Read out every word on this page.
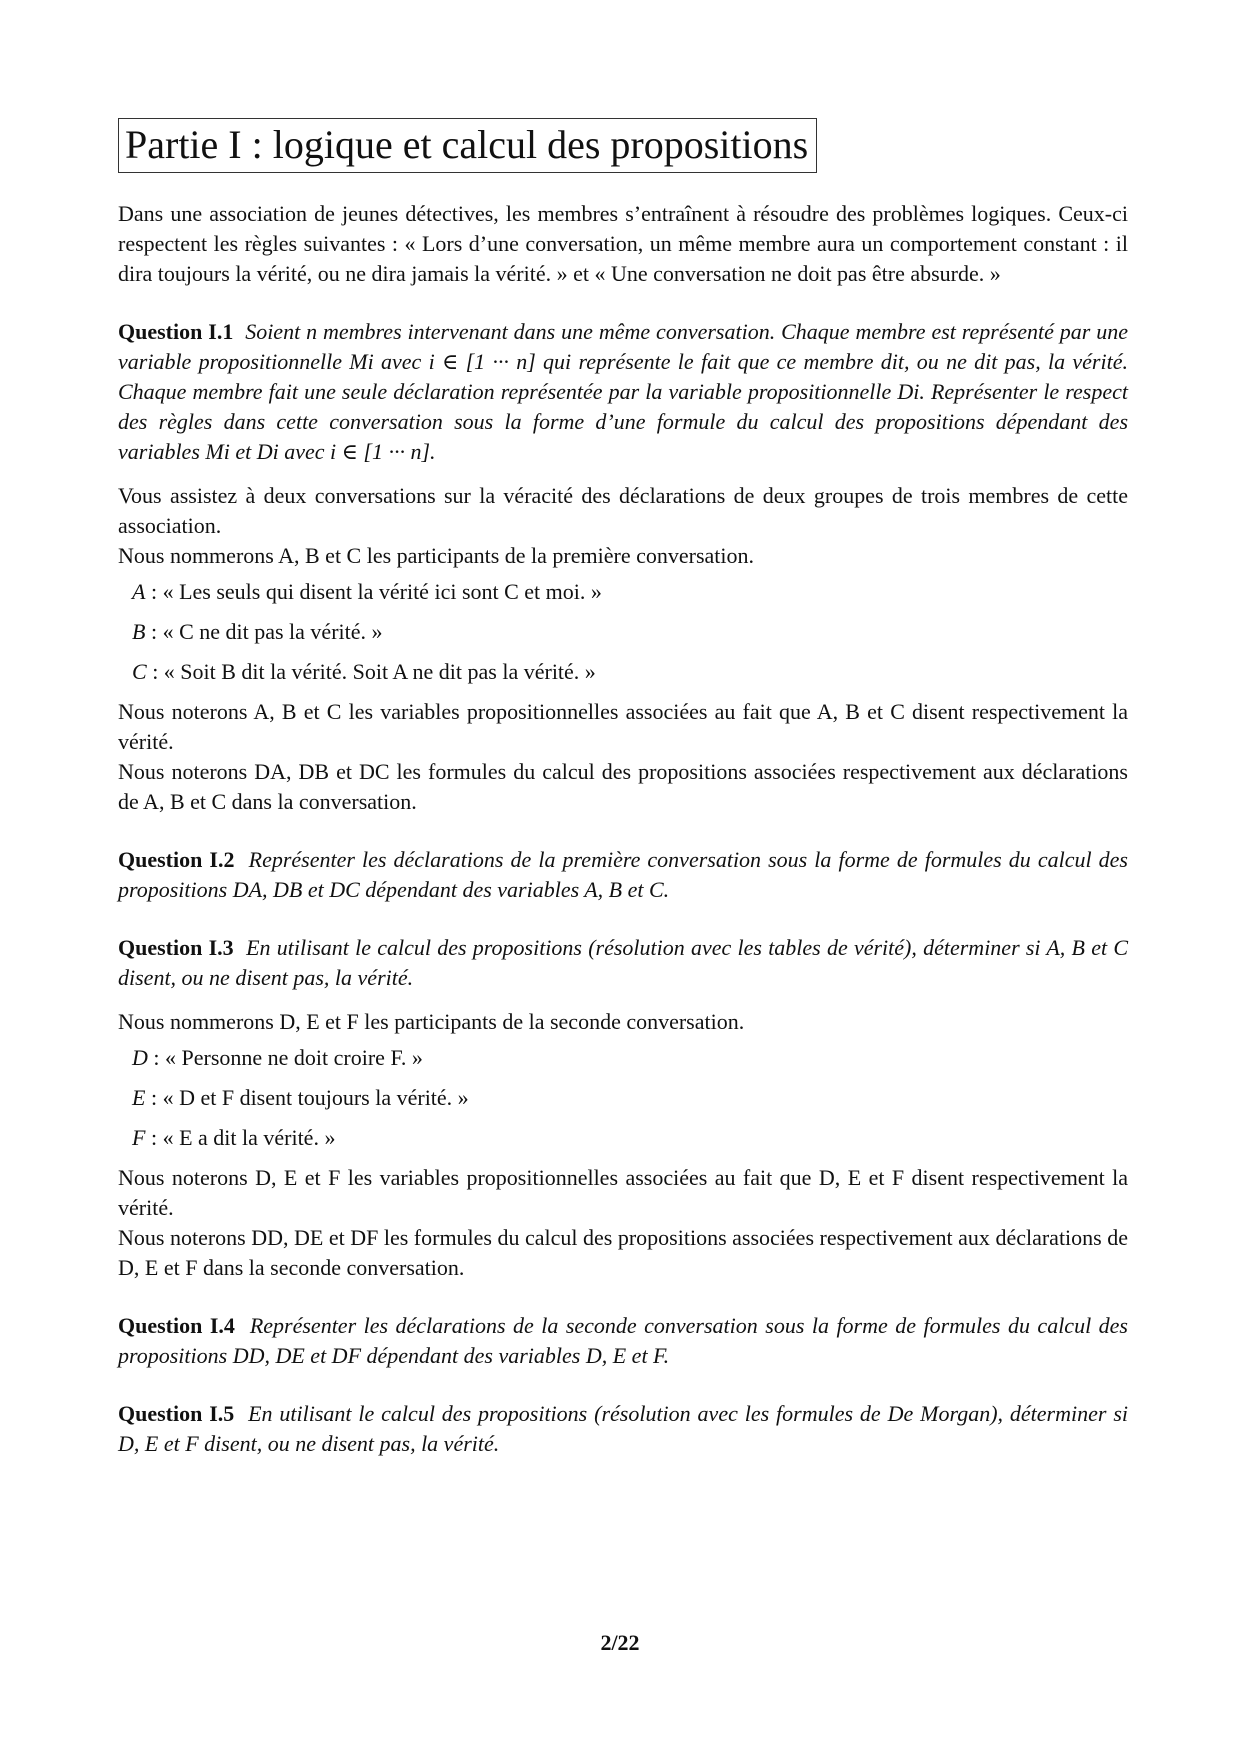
Partie I : logique et calcul des propositions

Dans une association de jeunes détectives, les membres s’entraînent à résoudre des problèmes logiques. Ceux-ci respectent les règles suivantes : « Lors d’une conversation, un même membre aura un comportement constant : il dira toujours la vérité, ou ne dira jamais la vérité. » et « Une conversation ne doit pas être absurde. »

Question I.1 Soient n membres intervenant dans une même conversation. Chaque membre est représenté par une variable propositionnelle Mi avec i ∈ [1 ··· n] qui représente le fait que ce membre dit, ou ne dit pas, la vérité. Chaque membre fait une seule déclaration représentée par la variable propositionnelle Di. Représenter le respect des règles dans cette conversation sous la forme d’une formule du calcul des propositions dépendant des variables Mi et Di avec i ∈ [1 ··· n].

Vous assistez à deux conversations sur la véracité des déclarations de deux groupes de trois membres de cette association.

Nous nommerons A, B et C les participants de la première conversation.

A : « Les seuls qui disent la vérité ici sont C et moi. »
B : « C ne dit pas la vérité. »
C : « Soit B dit la vérité. Soit A ne dit pas la vérité. »

Nous noterons A, B et C les variables propositionnelles associées au fait que A, B et C disent respectivement la vérité.

Nous noterons DA, DB et DC les formules du calcul des propositions associées respectivement aux déclarations de A, B et C dans la conversation.

Question I.2 Représenter les déclarations de la première conversation sous la forme de formules du calcul des propositions DA, DB et DC dépendant des variables A, B et C.

Question I.3 En utilisant le calcul des propositions (résolution avec les tables de vérité), déterminer si A, B et C disent, ou ne disent pas, la vérité.

Nous nommerons D, E et F les participants de la seconde conversation.

D : « Personne ne doit croire F. »
E : « D et F disent toujours la vérité. »
F : « E a dit la vérité. »

Nous noterons D, E et F les variables propositionnelles associées au fait que D, E et F disent respectivement la vérité.

Nous noterons DD, DE et DF les formules du calcul des propositions associées respectivement aux déclarations de D, E et F dans la seconde conversation.

Question I.4 Représenter les déclarations de la seconde conversation sous la forme de formules du calcul des propositions DD, DE et DF dépendant des variables D, E et F.

Question I.5 En utilisant le calcul des propositions (résolution avec les formules de De Morgan), déterminer si D, E et F disent, ou ne disent pas, la vérité.

2/22
